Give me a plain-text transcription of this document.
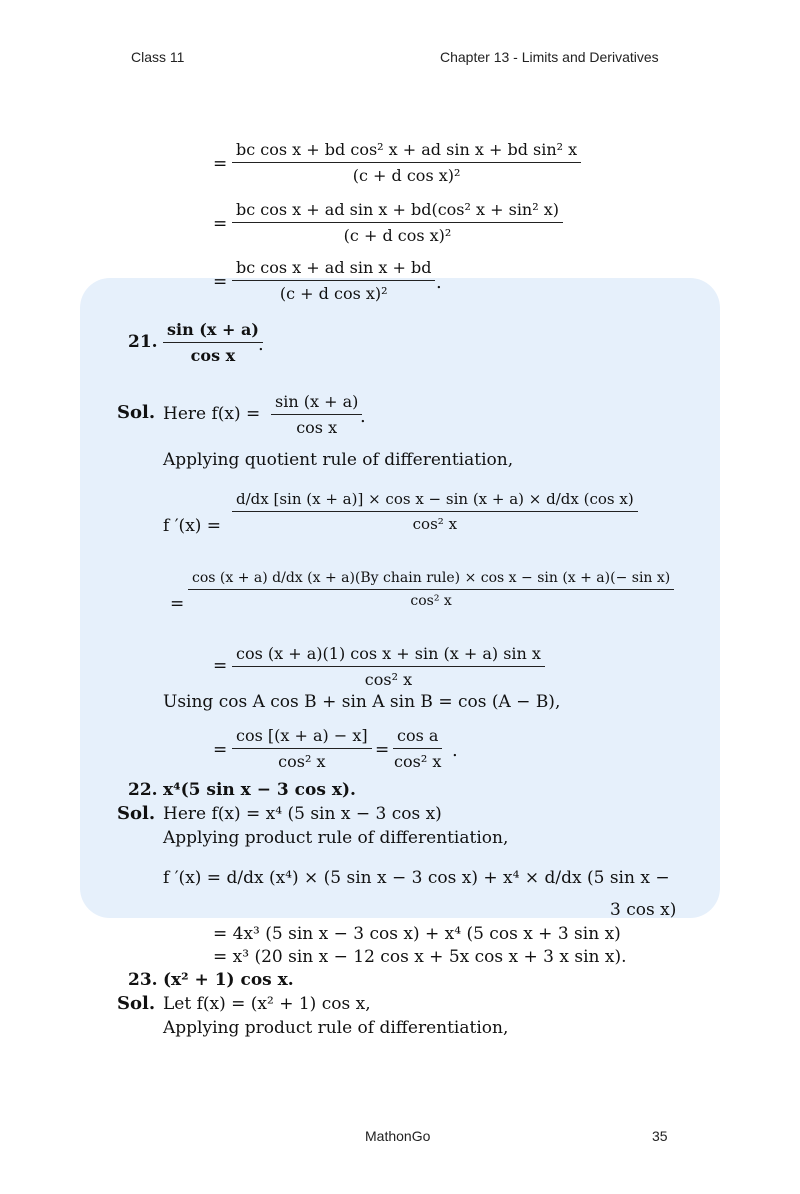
Class 11	Chapter 13 - Limits and Derivatives
= $\frac{\text{bc cos x + bd cos² x + ad sin x + bd sin² x}}{\text{(c + d cos x)²}}$
= $\frac{\text{bc cos x + ad sin x + bd(cos² x + sin² x)}}{\text{(c + d cos x)²}}$
= $\frac{\text{bc cos x + ad sin x + bd}}{\text{(c + d cos x)²}}$ .
21. $\frac{\sin (x + a)}{\text{cos x}}$
.
Sol. Here $f(x) = \frac{\sin (x + a)}{\text{cos x}}$
.
Applying quotient rule of differentiation,
f $'(x) = \frac{\text{d/dx [sin (x + a)] × cos x − sin (x + a) × d/dx (cos x)}}{\text{cos² x}}$
=
cos (x + a) d/dx (x + a)(By chain rule) × cos x − sin (x + a)(− sin x)
cos² x
= $\frac{\text{cos (x + a)(1) cos x + sin (x + a) sin x}}{\text{cos² x}}$
Using cos A cos B + sin A sin B = cos (A − B),
= $\frac{\cos [(x + a) - x]}{\text{cos² x}} = \frac{\text{cos a}}{\text{cos² x}}$ .
22. x⁴(5 sin x − 3 cos x).
Sol. Here f(x) = x⁴ (5 sin x − 3 cos x)
Applying product rule of differentiation,
f ′(x) = d/dx (x⁴) × (5 sin x − 3 cos x) + x⁴ × d/dx (5 sin x −
3 cos x)
= 4x³ (5 sin x − 3 cos x) + x⁴ (5 cos x + 3 sin x)
= x³ (20 sin x − 12 cos x + 5x cos x + 3 x sin x).
23. (x² + 1) cos x.
Sol. Let f(x) = (x² + 1) cos x,
Applying product rule of differentiation,
MathonGo	35
